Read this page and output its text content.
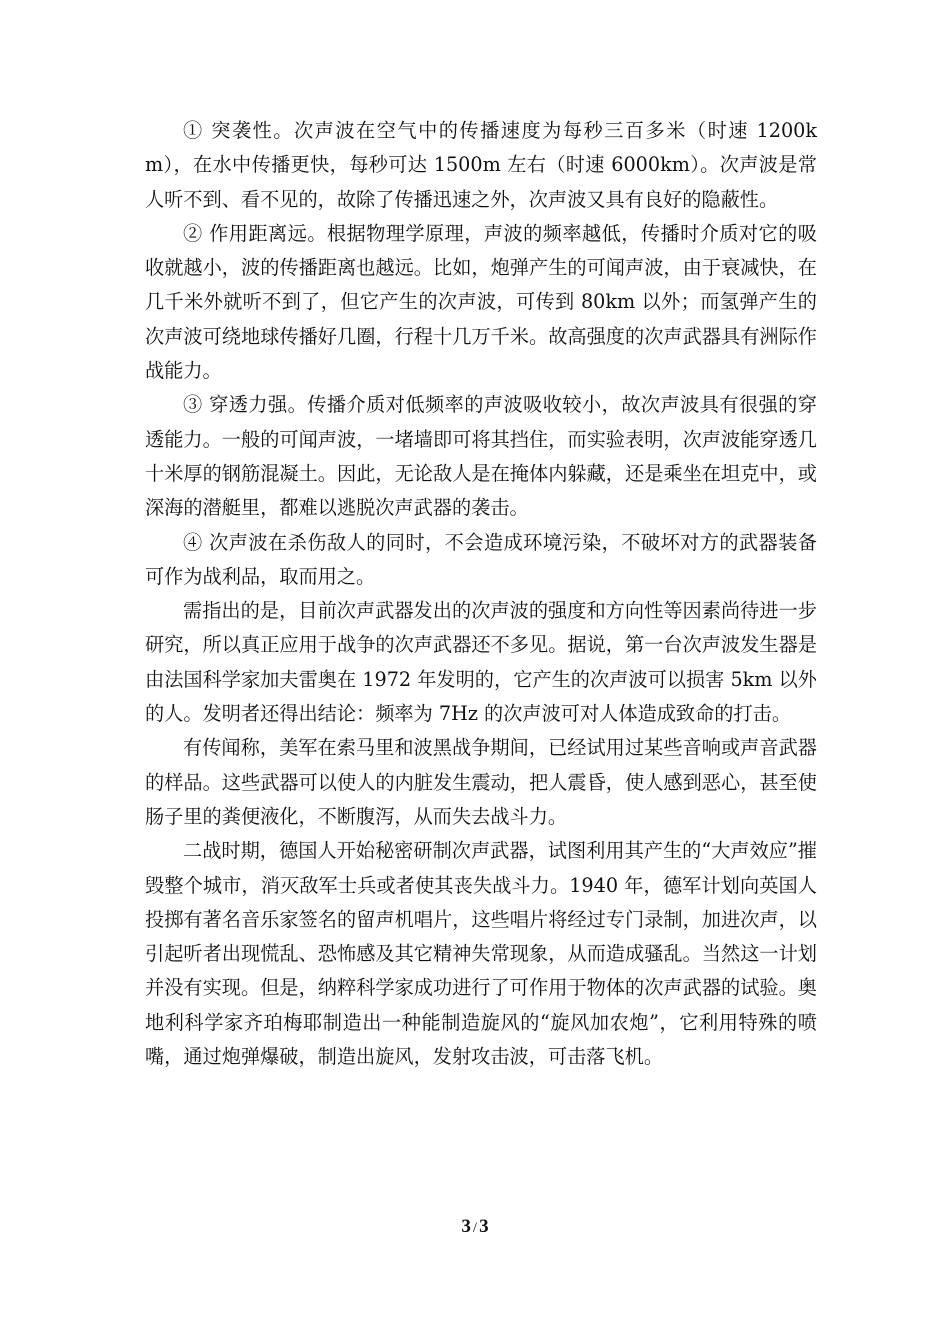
① 突袭性。次声波在空气中的传播速度为每秒三百多米（时速 1200km），在水中传播更快，每秒可达 1500m 左右（时速 6000km）。次声波是常人听不到、看不见的，故除了传播迅速之外，次声波又具有良好的隐蔽性。

② 作用距离远。根据物理学原理，声波的频率越低，传播时介质对它的吸收就越小，波的传播距离也越远。比如，炮弹产生的可闻声波，由于衰减快，在几千米外就听不到了，但它产生的次声波，可传到 80km 以外；而氢弹产生的次声波可绕地球传播好几圈，行程十几万千米。故高强度的次声武器具有洲际作战能力。

③ 穿透力强。传播介质对低频率的声波吸收较小，故次声波具有很强的穿透能力。一般的可闻声波，一堵墙即可将其挡住，而实验表明，次声波能穿透几十米厚的钢筋混凝土。因此，无论敌人是在掩体内躲藏，还是乘坐在坦克中，或深海的潜艇里，都难以逃脱次声武器的袭击。

④ 次声波在杀伤敌人的同时，不会造成环境污染，不破坏对方的武器装备可作为战利品，取而用之。

需指出的是，目前次声武器发出的次声波的强度和方向性等因素尚待进一步研究，所以真正应用于战争的次声武器还不多见。据说，第一台次声波发生器是由法国科学家加夫雷奥在 1972 年发明的，它产生的次声波可以损害 5km 以外的人。发明者还得出结论：频率为 7Hz 的次声波可对人体造成致命的打击。

有传闻称，美军在索马里和波黑战争期间，已经试用过某些音响或声音武器的样品。这些武器可以使人的内脏发生震动，把人震昏，使人感到恶心，甚至使肠子里的粪便液化，不断腹泻，从而失去战斗力。

二战时期，德国人开始秘密研制次声武器，试图利用其产生的“大声效应”摧毁整个城市，消灭敌军士兵或者使其丧失战斗力。1940 年，德军计划向英国人投掷有著名音乐家签名的留声机唱片，这些唱片将经过专门录制，加进次声，以引起听者出现慌乱、恐怖感及其它精神失常现象，从而造成骚乱。当然这一计划并没有实现。但是，纳粹科学家成功进行了可作用于物体的次声武器的试验。奥地利科学家齐珀梅耶制造出一种能制造旋风的“旋风加农炮”，它利用特殊的喷嘴，通过炮弹爆破，制造出旋风，发射攻击波，可击落飞机。

3 / 3
